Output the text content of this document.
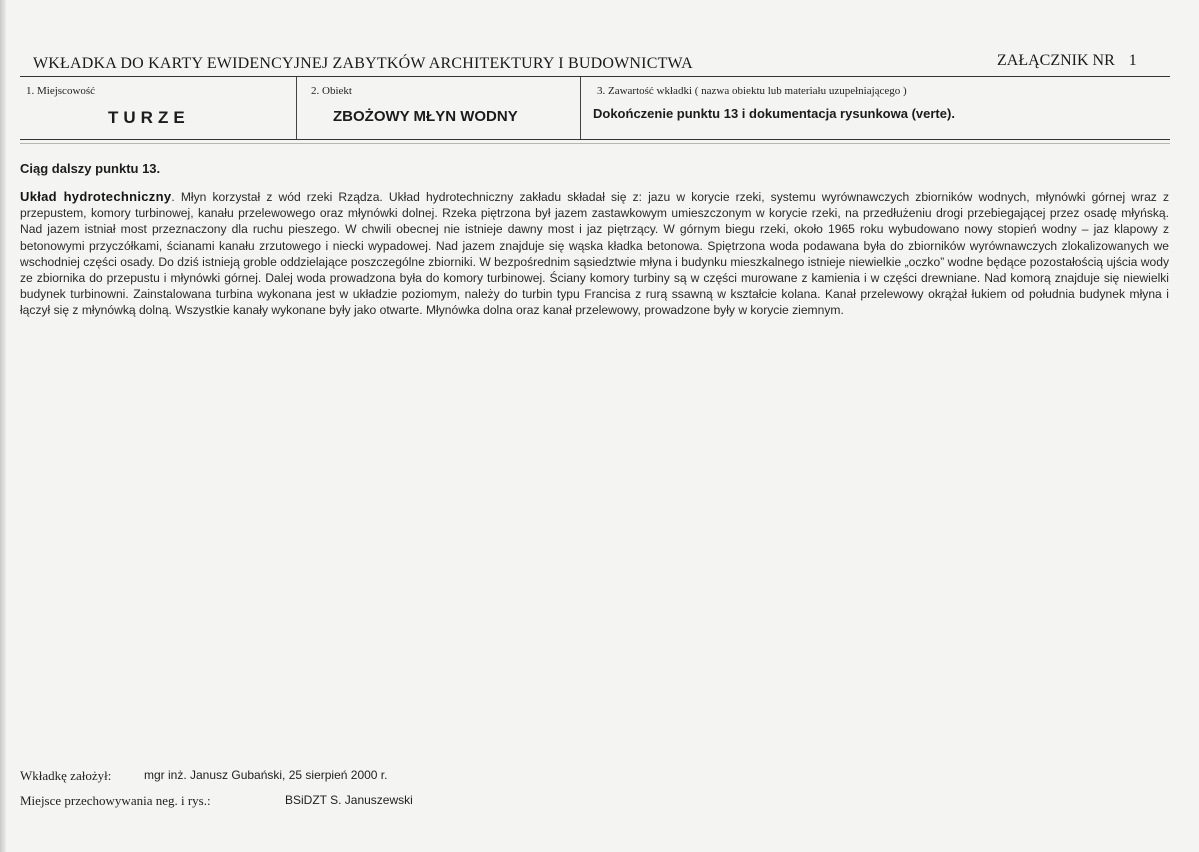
WKŁADKA DO KARTY EWIDENCYJNEJ ZABYTKÓW ARCHITEKTURY I BUDOWNICTWA	ZAŁĄCZNIK NR 1
1. Miejscowość
TURZE
2. Obiekt
ZBOŻOWY MŁYN WODNY
3. Zawartość wkładki ( nazwa obiektu lub materiału uzupełniającego )
Dokończenie punktu 13 i dokumentacja rysunkowa (verte).
Ciąg dalszy punktu 13.
Układ hydrotechniczny. Młyn korzystał z wód rzeki Rządza. Układ hydrotechniczny zakładu składał się z: jazu w korycie rzeki, systemu wyrównawczych zbiorników wodnych, młynówki górnej wraz z przepustem, komory turbinowej, kanału przelewowego oraz młynówki dolnej. Rzeka piętrzona był jazem zastawkowym umieszczonym w korycie rzeki, na przedłużeniu drogi przebiegającej przez osadę młyńską. Nad jazem istniał most przeznaczony dla ruchu pieszego. W chwili obecnej nie istnieje dawny most i jaz piętrzący. W górnym biegu rzeki, około 1965 roku wybudowano nowy stopień wodny – jaz klapowy z betonowymi przyczółkami, ścianami kanału zrzutowego i niecki wypadowej. Nad jazem znajduje się wąska kładka betonowa. Spiętrzona woda podawana była do zbiorników wyrównawczych zlokalizowanych we wschodniej części osady. Do dziś istnieją groble oddzielające poszczególne zbiorniki. W bezpośrednim sąsiedztwie młyna i budynku mieszkalnego istnieje niewielkie „oczko” wodne będące pozostałością ujścia wody ze zbiornika do przepustu i młynówki górnej. Dalej woda prowadzona była do komory turbinowej. Ściany komory turbiny są w części murowane z kamienia i w części drewniane. Nad komorą znajduje się niewielki budynek turbinowni. Zainstalowana turbina wykonana jest w układzie poziomym, należy do turbin typu Francisa z rurą ssawną w kształcie kolana. Kanał przelewowy okrążał łukiem od południa budynek młyna i łączył się z młynówką dolną. Wszystkie kanały wykonane były jako otwarte. Młynówka dolna oraz kanał przelewowy, prowadzone były w korycie ziemnym.
Wkładkę założył:	mgr inż. Janusz Gubański, 25 sierpień 2000 r.
Miejsce przechowywania neg. i rys.:	BSiDZT S. Januszewski
